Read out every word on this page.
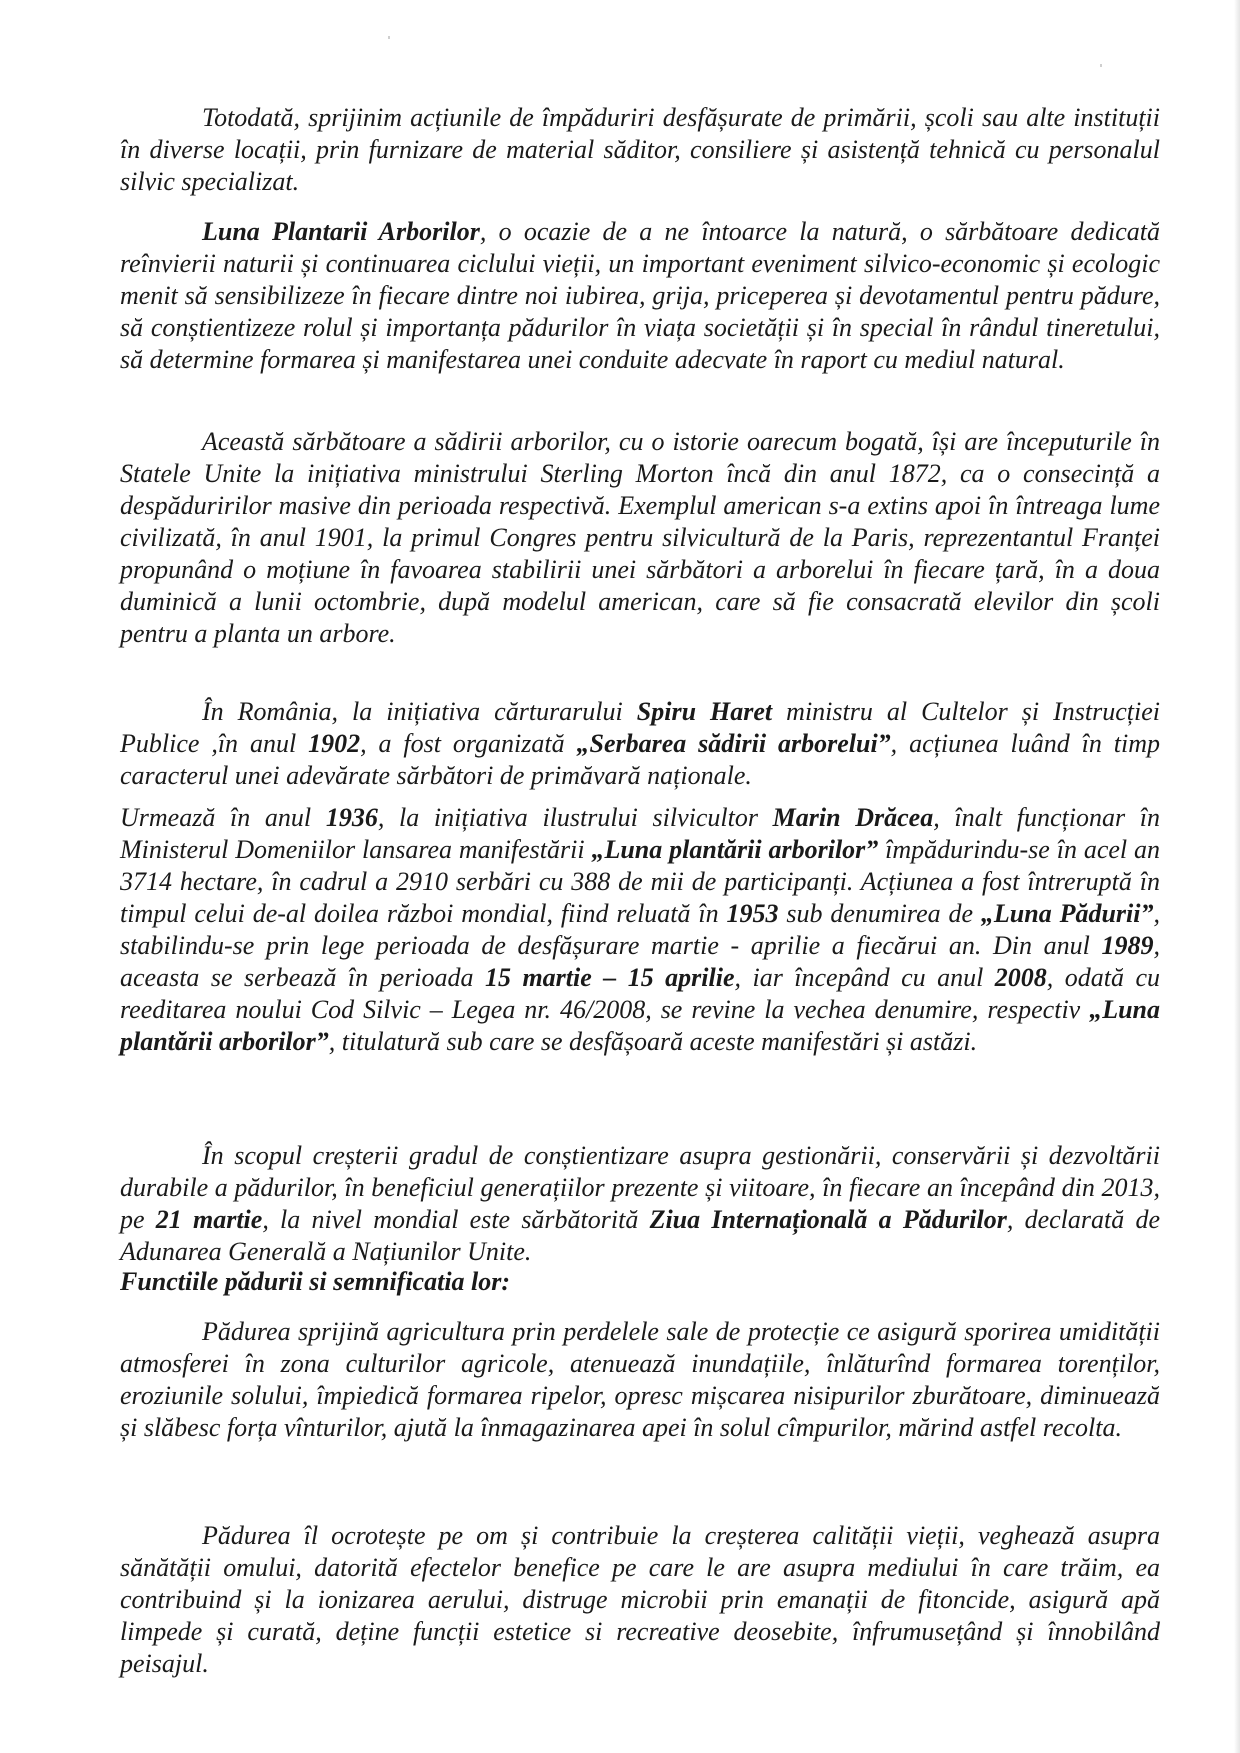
Totodată, sprijinim acțiunile de împăduriri desfășurate de primării, școli sau alte instituții în diverse locații, prin furnizare de material săditor, consiliere și asistență tehnică cu personalul silvic specializat.

Luna Plantarii Arborilor, o ocazie de a ne întoarce la natură, o sărbătoare dedicată reînvierii naturii și continuarea ciclului vieții, un important eveniment silvico-economic și ecologic menit să sensibilizeze în fiecare dintre noi iubirea, grija, priceperea și devotamentul pentru pădure, să conștientizeze rolul și importanța pădurilor în viața societății și în special în rândul tineretului, să determine formarea și manifestarea unei conduite adecvate în raport cu mediul natural.

Această sărbătoare a sădirii arborilor, cu o istorie oarecum bogată, își are începuturile în Statele Unite la inițiativa ministrului Sterling Morton încă din anul 1872, ca o consecință a despăduririlor masive din perioada respectivă. Exemplul american s-a extins apoi în întreaga lume civilizată, în anul 1901, la primul Congres pentru silvicultură de la Paris, reprezentantul Franței propunând o moțiune în favoarea stabilirii unei sărbători a arborelui în fiecare țară, în a doua duminică a lunii octombrie, după modelul american, care să fie consacrată elevilor din școli pentru a planta un arbore.

În România, la inițiativa cărturarului Spiru Haret ministru al Cultelor și Instrucției Publice ,în anul 1902, a fost organizată „Serbarea sădirii arborelui”, acțiunea luând în timp caracterul unei adevărate sărbători de primăvară naționale.

Urmează în anul 1936, la inițiativa ilustrului silvicultor Marin Drăcea, înalt funcționar în Ministerul Domeniilor lansarea manifestării „Luna plantării arborilor” împădurindu-se în acel an 3714 hectare, în cadrul a 2910 serbări cu 388 de mii de participanți. Acțiunea a fost întreruptă în timpul celui de-al doilea război mondial, fiind reluată în 1953 sub denumirea de „Luna Pădurii”, stabilindu-se prin lege perioada de desfășurare martie - aprilie a fiecărui an. Din anul 1989, aceasta se serbează în perioada 15 martie – 15 aprilie, iar începând cu anul 2008, odată cu reeditarea noului Cod Silvic – Legea nr. 46/2008, se revine la vechea denumire, respectiv „Luna plantării arborilor”, titulatură sub care se desfășoară aceste manifestări și astăzi.

În scopul creșterii gradul de conștientizare asupra gestionării, conservării și dezvoltării durabile a pădurilor, în beneficiul generațiilor prezente și viitoare, în fiecare an începând din 2013, pe 21 martie, la nivel mondial este sărbătorită Ziua Internațională a Pădurilor, declarată de Adunarea Generală a Națiunilor Unite.

Functiile pădurii si semnificatia lor:

Pădurea sprijină agricultura prin perdelele sale de protecție ce asigură sporirea umidității atmosferei în zona culturilor agricole, atenuează inundațiile, înlăturînd formarea torenților, eroziunile solului, împiedică formarea ripelor, opresc mișcarea nisipurilor zburătoare, diminuează și slăbesc forța vînturilor, ajută la înmagazinarea apei în solul cîmpurilor, mărind astfel recolta.

Pădurea îl ocrotește pe om și contribuie la creșterea calității vieții, veghează asupra sănătății omului, datorită efectelor benefice pe care le are asupra mediului în care trăim, ea contribuind și la ionizarea aerului, distruge microbii prin emanații de fitoncide, asigură apă limpede și curată, deține funcții estetice si recreative deosebite, înfrumusețând și înnobilând peisajul.
